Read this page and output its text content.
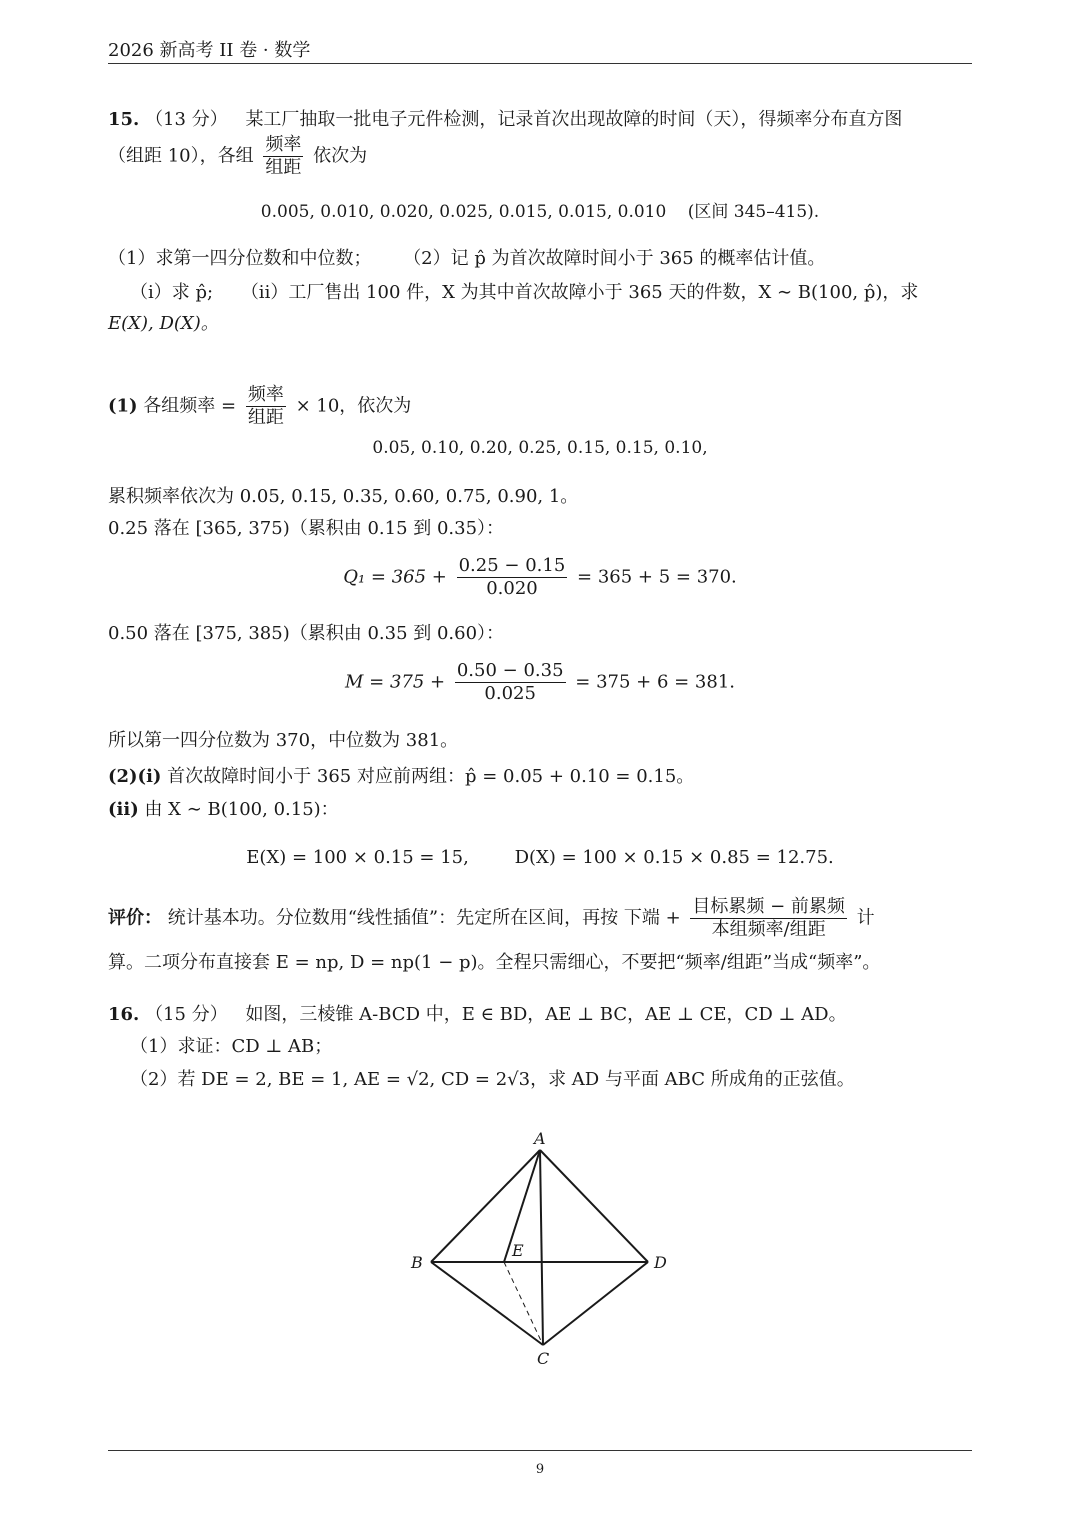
2026 新高考 II 卷 · 数学
15. （13 分） 某工厂抽取一批电子元件检测，记录首次出现故障的时间（天），得频率分布直方图
（组距 10），各组 $\frac{\text{频率}}{\text{组距}}$ 依次为
0.005, 0.010, 0.020, 0.025, 0.015, 0.015, 0.010 (区间 345–415).
（1）求第一四分位数和中位数； （2）记 p̂ 为首次故障时间小于 365 的概率估计值。
（i）求 p̂; （ii）工厂售出 100 件，X 为其中首次故障小于 365 天的件数，X ∼ B(100, p̂)，求
E(X), D(X)。
(1) 各组频率 = $\frac{\text{频率}}{\text{组距}} \times 10$，依次为
0.05, 0.10, 0.20, 0.25, 0.15, 0.15, 0.10,
累积频率依次为 0.05, 0.15, 0.35, 0.60, 0.75, 0.90, 1。
0.25 落在 [365, 375)（累积由 0.15 到 0.35）：
$Q_1 = 365 + \frac{0.25 - 0.15}{0.020} = 365 + 5 = 370$.
0.50 落在 [375, 385)（累积由 0.35 到 0.60）：
$M = 375 + \frac{0.50 - 0.35}{0.025} = 375 + 6 = 381$.
所以第一四分位数为 370，中位数为 381。
(2)(i) 首次故障时间小于 365 对应前两组：p̂ = 0.05 + 0.10 = 0.15。
(ii) 由 X ∼ B(100, 0.15)：
E(X) = 100 × 0.15 = 15,	D(X) = 100 × 0.15 × 0.85 = 12.75.
评价： 统计基本功。分位数用“线性插值”：先定所在区间，再按 下端 + $\frac{\text{目标累频 − 前累频}}{\text{本组频率/组距}}$ 计
算。二项分布直接套 E = np, D = np(1 − p)。全程只需细心，不要把“频率/组距”当成“频率”。
16. （15 分） 如图，三棱锥 A-BCD 中，E ∈ BD，AE ⊥ BC，AE ⊥ CE，CD ⊥ AD。
（1）求证：CD ⊥ AB；
（2）若 DE = 2, BE = 1, AE = √2, CD = 2√3，求 AD 与平面 ABC 所成角的正弦值。
A
B
E
D
C
9
